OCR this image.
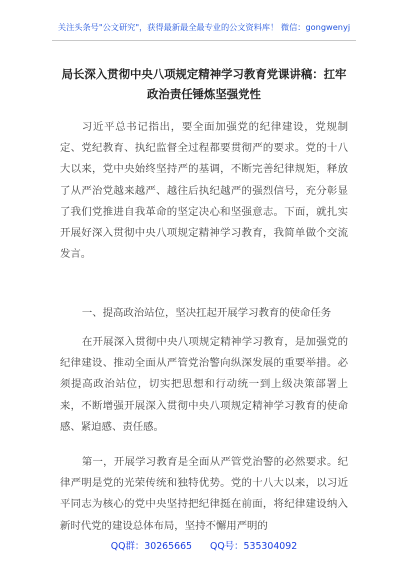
关注头条号"公文研究"，获得最新最全最专业的公文资料库！ 微信：gongwenyj
局长深入贯彻中央八项规定精神学习教育党课讲稿：扛牢政治责任锤炼坚强党性
习近平总书记指出，要全面加强党的纪律建设，党规制定、党纪教育、执纪监督全过程都要贯彻严的要求。党的十八大以来，党中央始终坚持严的基调，不断完善纪律规矩，释放了从严治党越来越严、越往后执纪越严的强烈信号，充分彰显了我们党推进自我革命的坚定决心和坚强意志。下面，就扎实开展好深入贯彻中央八项规定精神学习教育，我简单做个交流发言。
一、提高政治站位，坚决扛起开展学习教育的使命任务
在开展深入贯彻中央八项规定精神学习教育，是加强党的纪律建设、推动全面从严管党治警向纵深发展的重要举措。必须提高政治站位，切实把思想和行动统一到上级决策部署上来，不断增强开展深入贯彻中央八项规定精神学习教育的使命感、紧迫感、责任感。
第一，开展学习教育是全面从严管党治警的必然要求。纪律严明是党的光荣传统和独特优势。党的十八大以来，以习近平同志为核心的党中央坚持把纪律挺在前面，将纪律建设纳入新时代党的建设总体布局，坚持不懈用严明的
QQ群：30265665 QQ号：535304092
